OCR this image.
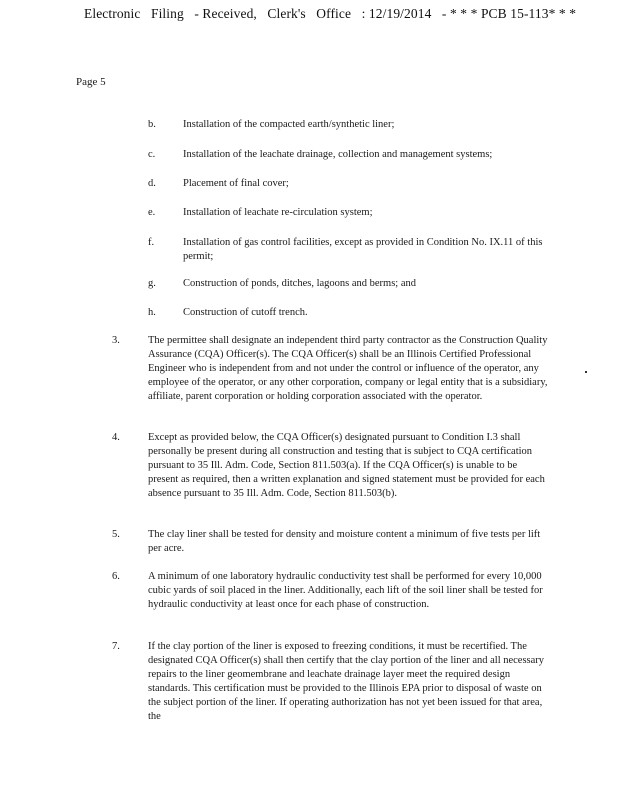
Electronic Filing - Received, Clerk's Office : 12/19/2014 - * * * PCB 15-113* * *
Page 5
b.	Installation of the compacted earth/synthetic liner;
c.	Installation of the leachate drainage, collection and management systems;
d.	Placement of final cover;
e.	Installation of leachate re-circulation system;
f.	Installation of gas control facilities, except as provided in Condition No. IX.11 of this permit;
g.	Construction of ponds, ditches, lagoons and berms; and
h.	Construction of cutoff trench.
3.	The permittee shall designate an independent third party contractor as the Construction Quality Assurance (CQA) Officer(s). The CQA Officer(s) shall be an Illinois Certified Professional Engineer who is independent from and not under the control or influence of the operator, any employee of the operator, or any other corporation, company or legal entity that is a subsidiary, affiliate, parent corporation or holding corporation associated with the operator.
4.	Except as provided below, the CQA Officer(s) designated pursuant to Condition I.3 shall personally be present during all construction and testing that is subject to CQA certification pursuant to 35 Ill. Adm. Code, Section 811.503(a). If the CQA Officer(s) is unable to be present as required, then a written explanation and signed statement must be provided for each absence pursuant to 35 Ill. Adm. Code, Section 811.503(b).
5.	The clay liner shall be tested for density and moisture content a minimum of five tests per lift per acre.
6.	A minimum of one laboratory hydraulic conductivity test shall be performed for every 10,000 cubic yards of soil placed in the liner. Additionally, each lift of the soil liner shall be tested for hydraulic conductivity at least once for each phase of construction.
7.	If the clay portion of the liner is exposed to freezing conditions, it must be recertified. The designated CQA Officer(s) shall then certify that the clay portion of the liner and all necessary repairs to the liner geomembrane and leachate drainage layer meet the required design standards. This certification must be provided to the Illinois EPA prior to disposal of waste on the subject portion of the liner. If operating authorization has not yet been issued for that area, the
